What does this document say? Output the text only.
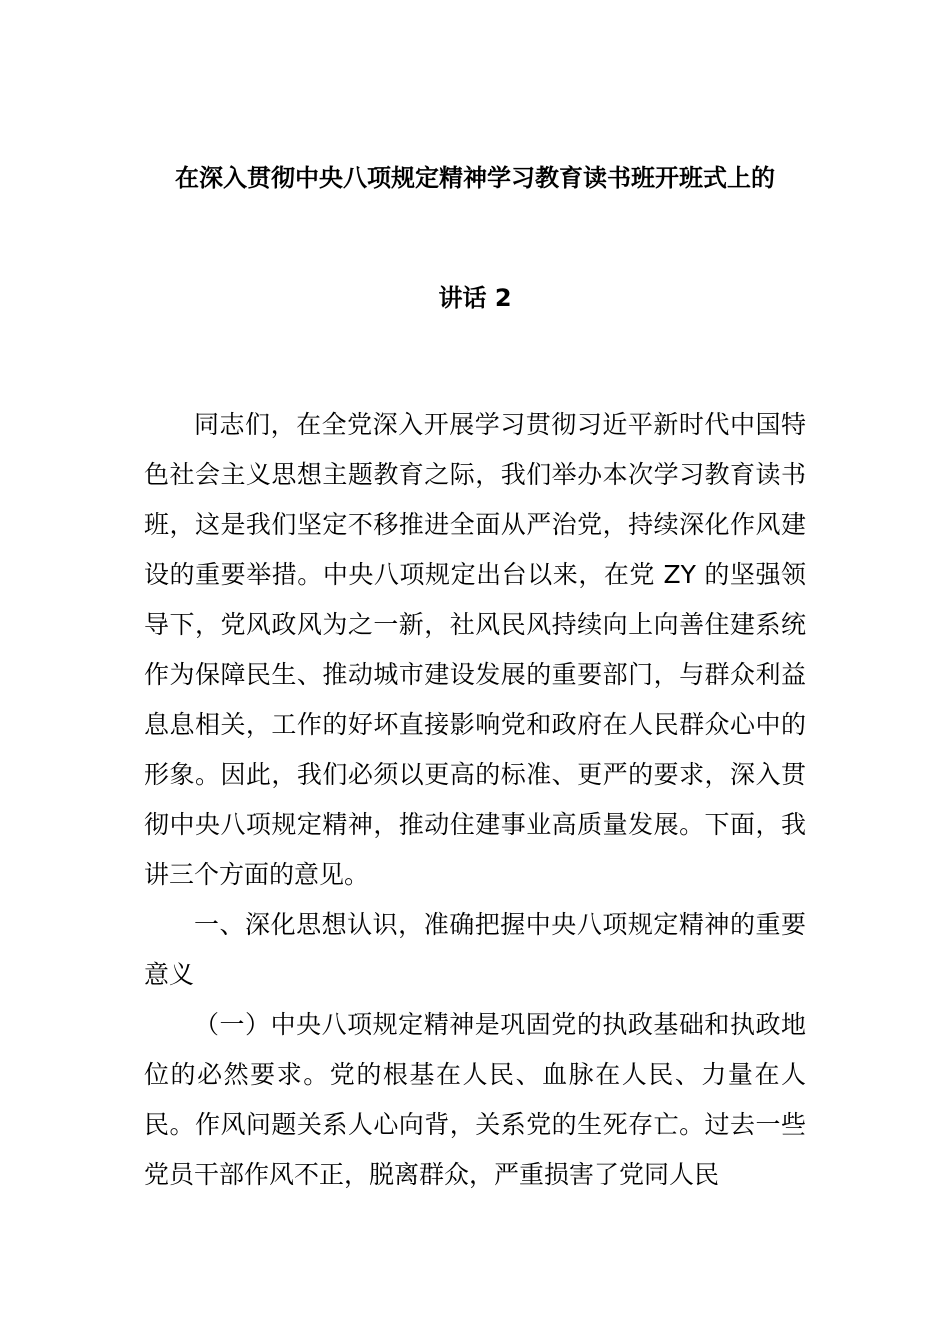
在深入贯彻中央八项规定精神学习教育读书班开班式上的
讲话 2

同志们，在全党深入开展学习贯彻习近平新时代中国特色社会主义思想主题教育之际，我们举办本次学习教育读书班，这是我们坚定不移推进全面从严治党，持续深化作风建设的重要举措。中央八项规定出台以来，在党 ZY 的坚强领导下，党风政风为之一新，社风民风持续向上向善住建系统作为保障民生、推动城市建设发展的重要部门，与群众利益息息相关，工作的好坏直接影响党和政府在人民群众心中的形象。因此，我们必须以更高的标准、更严的要求，深入贯彻中央八项规定精神，推动住建事业高质量发展。下面，我讲三个方面的意见。

一、深化思想认识，准确把握中央八项规定精神的重要意义

（一）中央八项规定精神是巩固党的执政基础和执政地位的必然要求。党的根基在人民、血脉在人民、力量在人民。作风问题关系人心向背，关系党的生死存亡。过去一些党员干部作风不正，脱离群众，严重损害了党同人民
